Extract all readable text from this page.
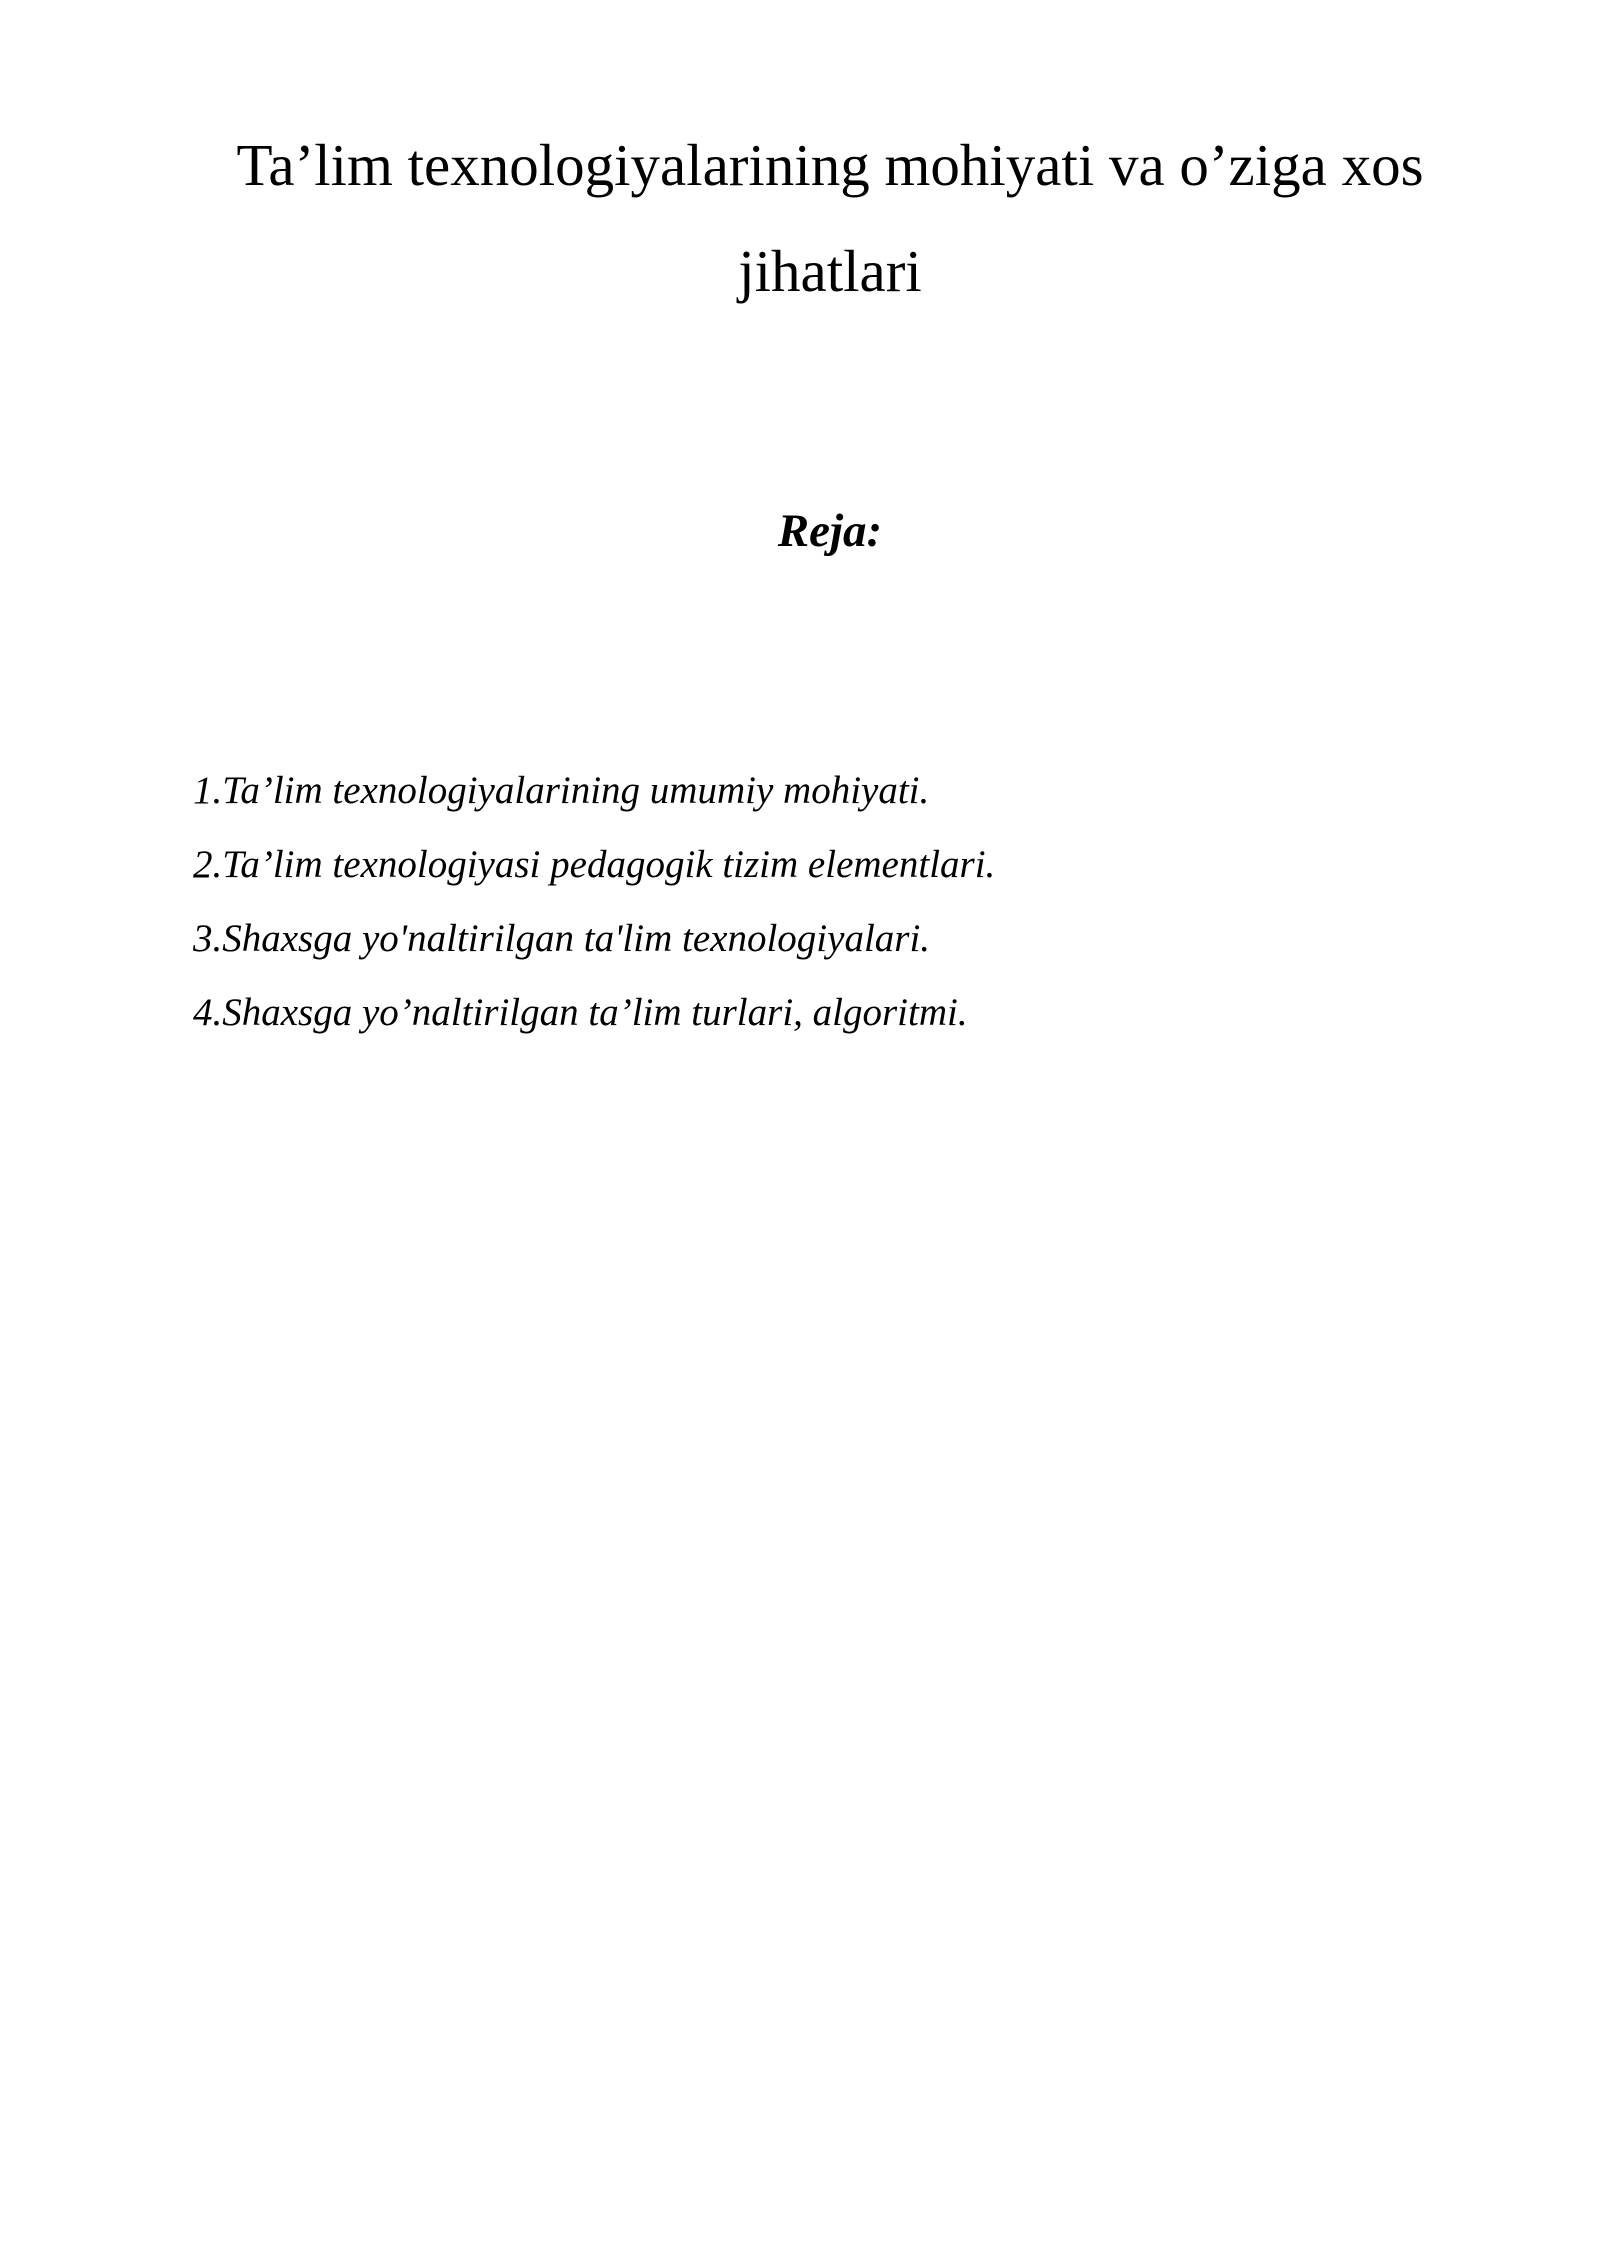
Ta’lim texnologiyalarining mohiyati va o’ziga xos jihatlari
Reja:
1.Ta’lim texnologiyalarining umumiy mohiyati.
2.Ta’lim texnologiyasi pedagogik tizim elementlari.
3.Shaxsga yo'naltirilgan ta'lim texnologiyalari.
4.Shaxsga yo’naltirilgan ta’lim turlari, algoritmi.
